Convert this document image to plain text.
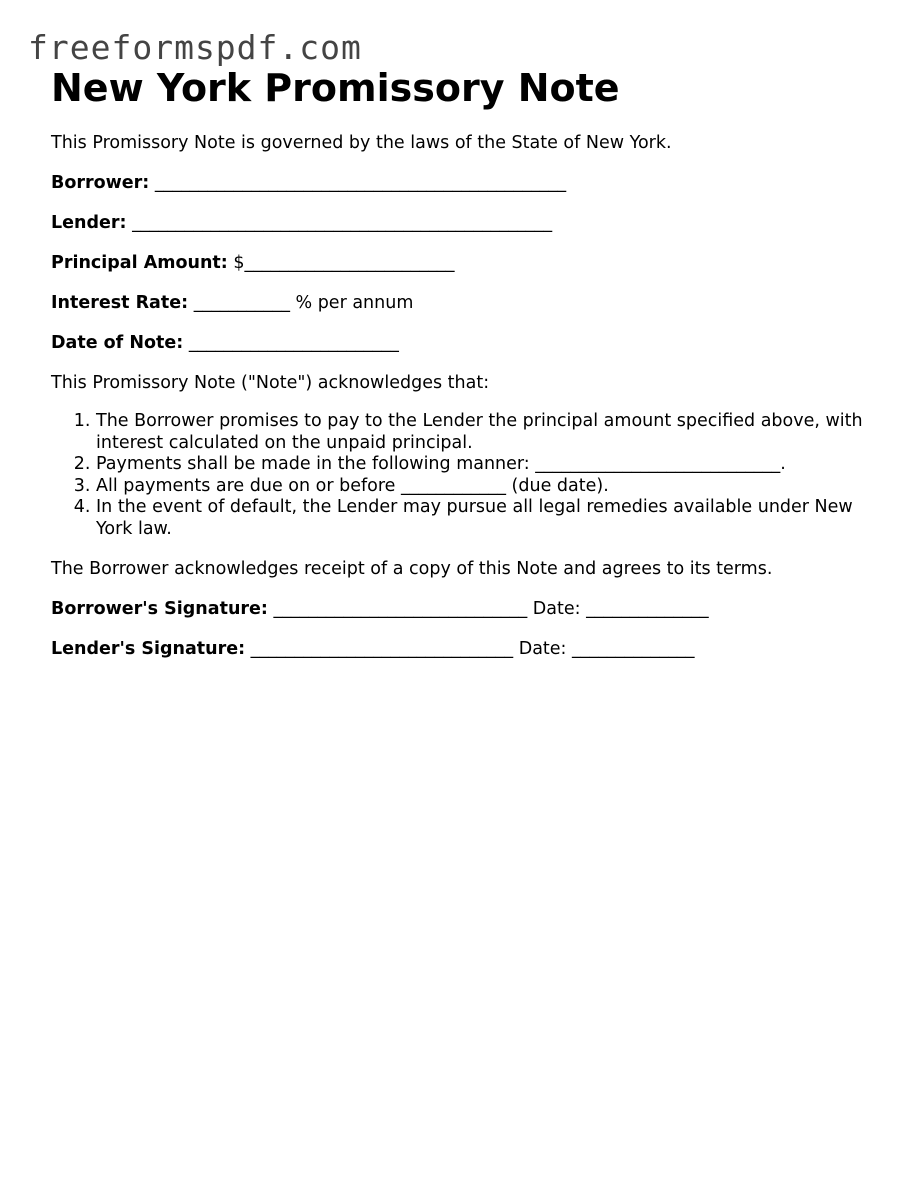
freeformspdf.com
New York Promissory Note

This Promissory Note is governed by the laws of the State of New York.

Borrower: _______________________________________________

Lender: ________________________________________________

Principal Amount: $________________________

Interest Rate: ___________ % per annum

Date of Note: ________________________

This Promissory Note ("Note") acknowledges that:

1. The Borrower promises to pay to the Lender the principal amount specified above, with interest calculated on the unpaid principal.
2. Payments shall be made in the following manner: ____________________________.
3. All payments are due on or before ____________ (due date).
4. In the event of default, the Lender may pursue all legal remedies available under New York law.

The Borrower acknowledges receipt of a copy of this Note and agrees to its terms.

Borrower's Signature: _____________________________ Date: ______________

Lender's Signature: ______________________________ Date: ______________
